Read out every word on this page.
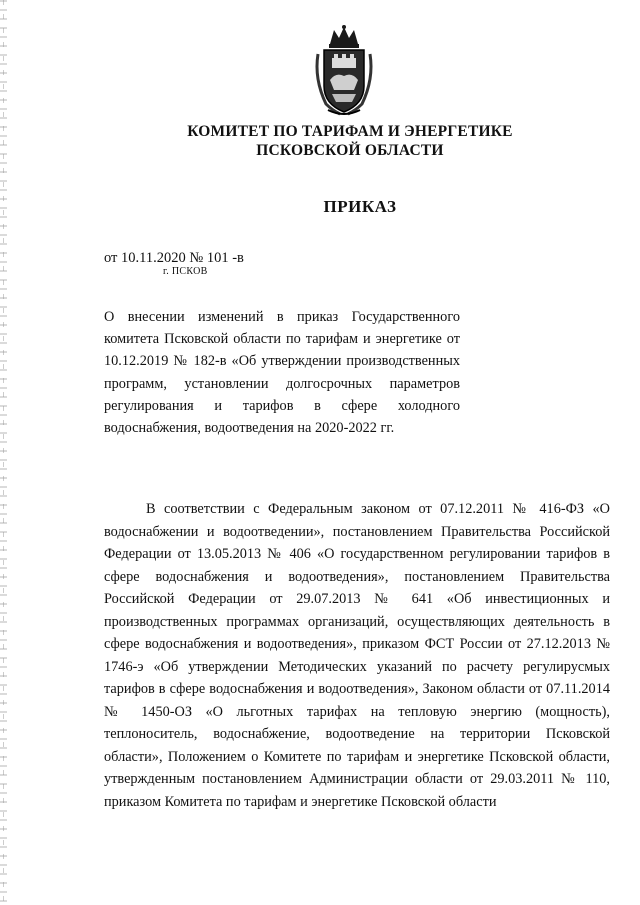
КОМИТЕТ ПО ТАРИФАМ И ЭНЕРГЕТИКЕ
ПСКОВСКОЙ ОБЛАСТИ
ПРИКАЗ
от 10.11.2020 № 101 -в
г. ПСКОВ
О внесении изменений в приказ Государственного комитета Псковской области по тарифам и энергетике от 10.12.2019 № 182-в «Об утверждении производственных программ, установлении долгосрочных параметров регулирования и тарифов в сфере холодного водоснабжения, водоотведения на 2020-2022 гг.
В соответствии с Федеральным законом от 07.12.2011 № 416-ФЗ «О водоснабжении и водоотведении», постановлением Правительства Российской Федерации от 13.05.2013 № 406 «О государственном регулировании тарифов в сфере водоснабжения и водоотведения», постановлением Правительства Российской Федерации от 29.07.2013 № 641 «Об инвестиционных и производственных программах организаций, осуществляющих деятельность в сфере водоснабжения и водоотведения», приказом ФСТ России от 27.12.2013 № 1746-э «Об утверждении Методических указаний по расчету регулирусмых тарифов в сфере водоснабжения и водоотведения», Законом области от 07.11.2014 № 1450-ОЗ «О льготных тарифах на тепловую энергию (мощность), теплоноситель, водоснабжение, водоотведение на территории Псковской области», Положением о Комитете по тарифам и энергетике Псковской области, утвержденным постановлением Администрации области от 29.03.2011 № 110, приказом Комитета по тарифам и энергетике Псковской области
